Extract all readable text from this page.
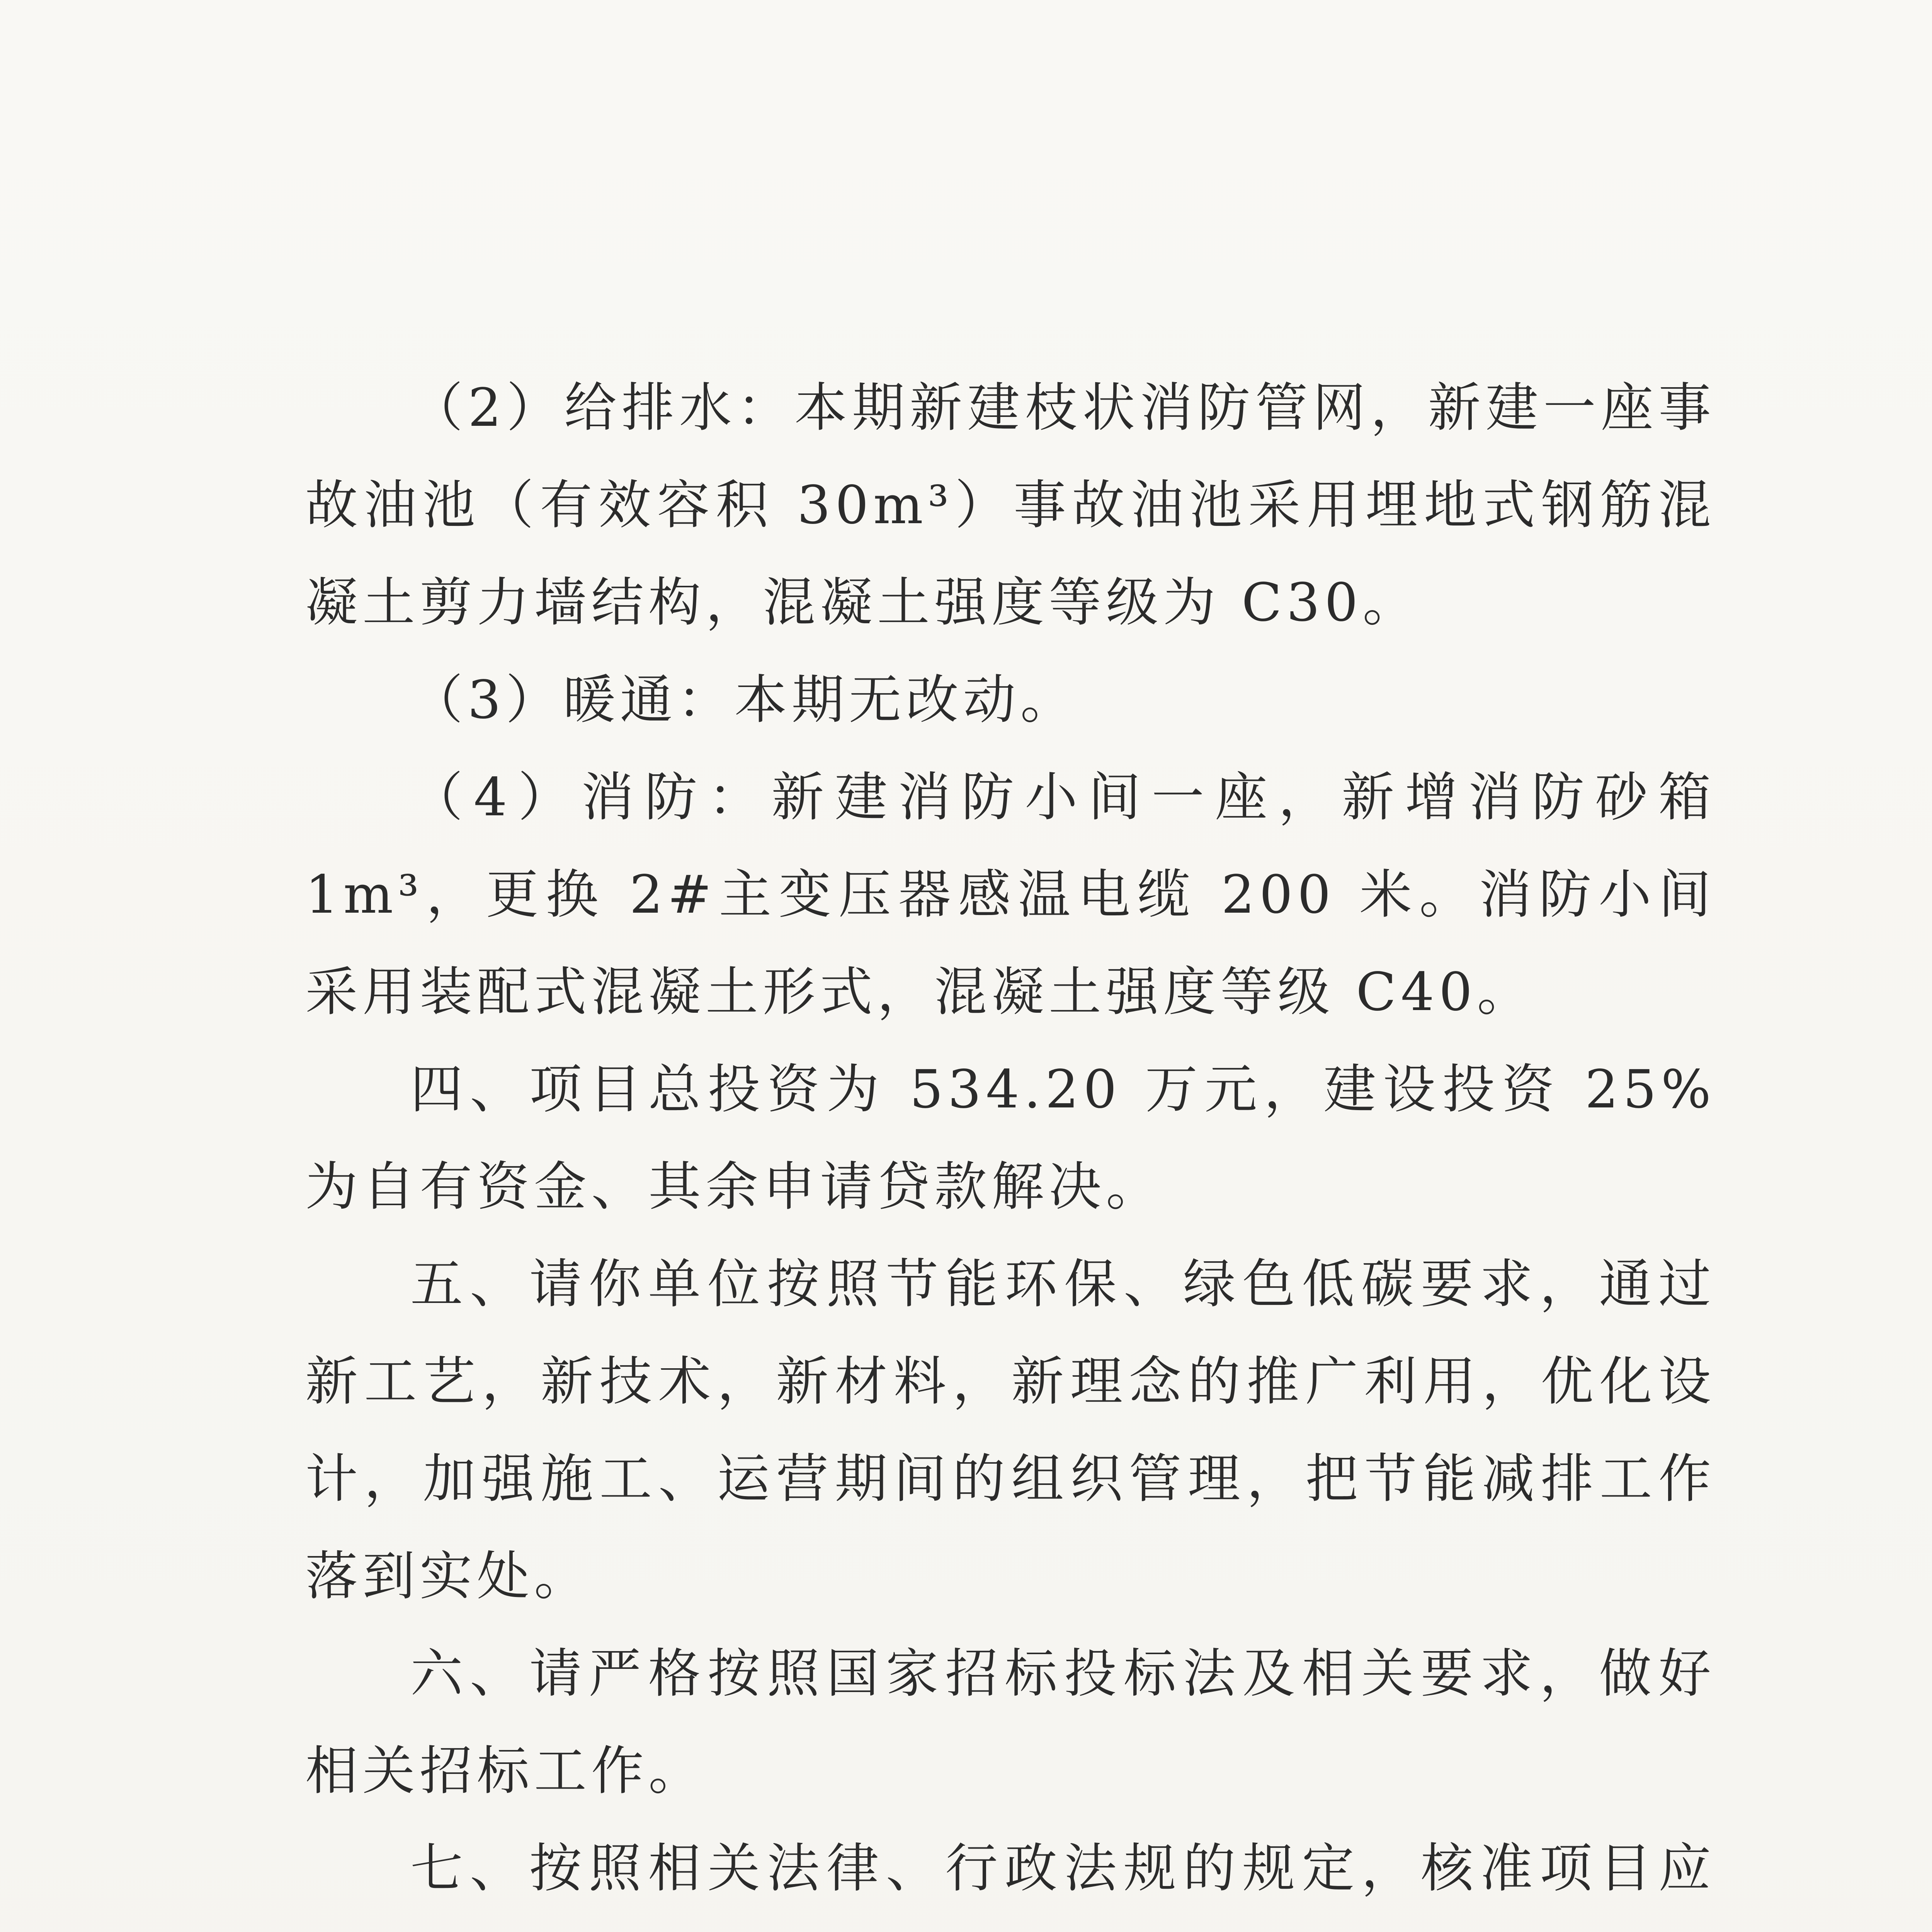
（2）给排水：本期新建枝状消防管网，新建一座事故油池（有效容积 30m³）事故油池采用埋地式钢筋混凝土剪力墙结构，混凝土强度等级为 C30。

（3）暖通：本期无改动。

（4）消防：新建消防小间一座，新增消防砂箱 1m³，更换 2#主变压器感温电缆 200 米。消防小间采用装配式混凝土形式，混凝土强度等级 C40。

四、项目总投资为 534.20 万元，建设投资 25%为自有资金、其余申请贷款解决。

五、请你单位按照节能环保、绿色低碳要求，通过新工艺，新技术，新材料，新理念的推广利用，优化设计，加强施工、运营期间的组织管理，把节能减排工作落到实处。

六、请严格按照国家招标投标法及相关要求，做好相关招标工作。

七、按照相关法律、行政法规的规定，核准项目应
